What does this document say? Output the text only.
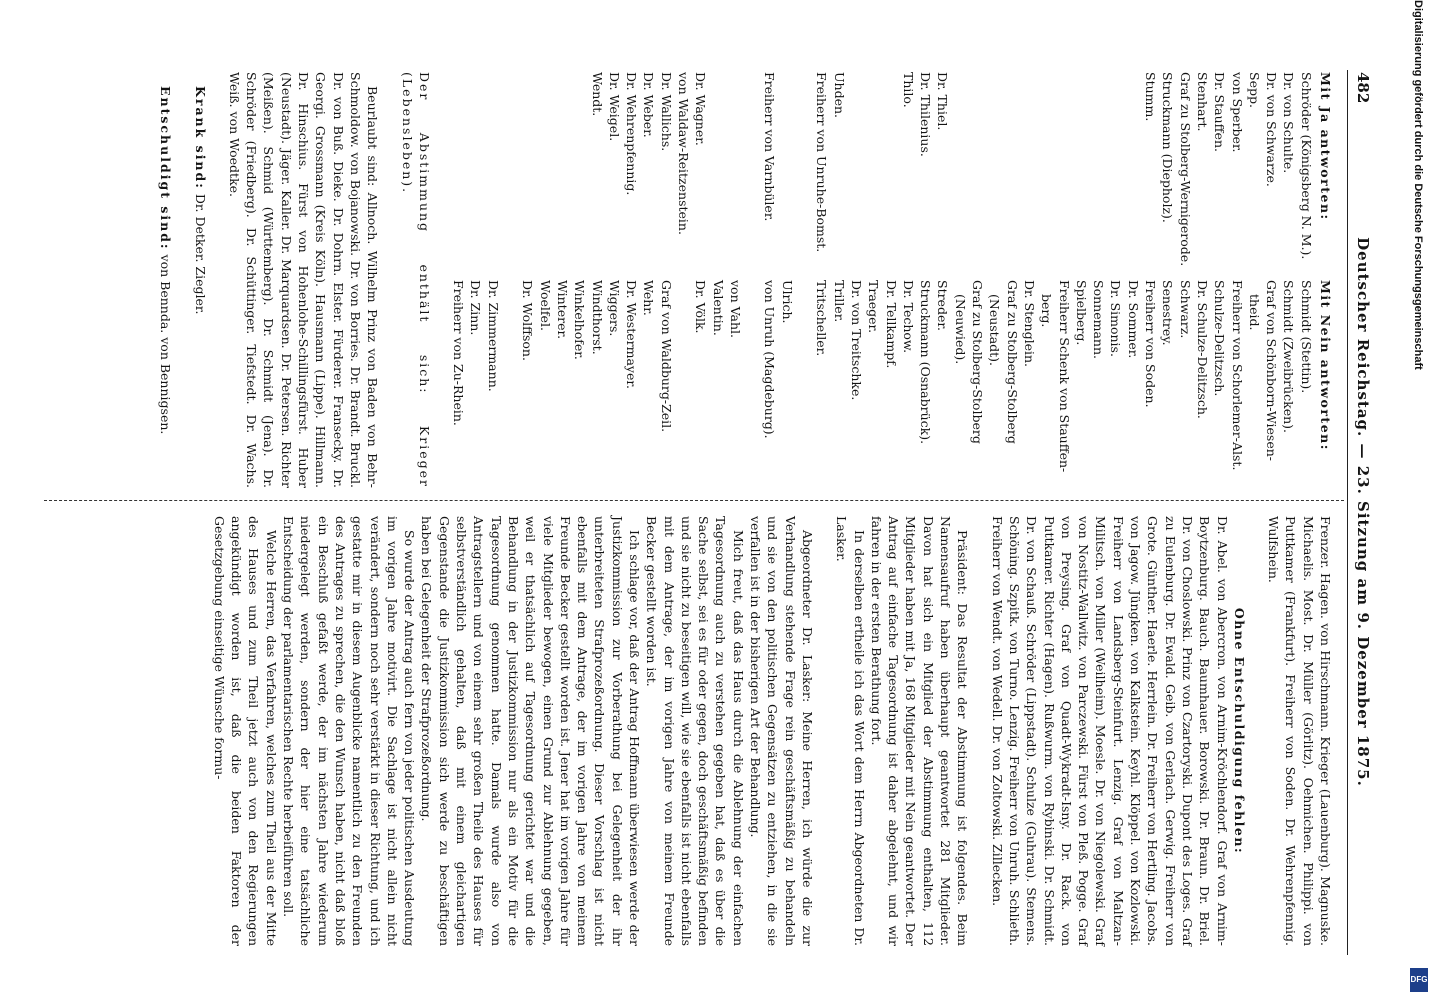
482
Deutscher Reichstag. — 23. Sitzung am 9. Dezember 1875.
Mit Ja antworten:
Mit Nein antworten:
Schröder (Königsberg N. M.).
Dr. von Schulte.
Dr. von Schwarze.
Sepp.
von Sperber.
Dr. Stauffen.
Stenhart.
Graf zu Stolberg-Wernigerode.
Struckmann (Diepholz).
Stumm.

Dr. Thiel.
Dr. Thilenius.
Thilo.

Uhden.
Freiherr von Unruhe-Bomst.

Freiherr von Varnbüler.

Dr. Wagner.
von Waldaw-Reitzenstein.
Dr. Wallichs.
Dr. Weber.
Dr. Wehrenpfennig.
Dr. Weigel.
Wendt.
Schmidt (Stettin).
Schmidt (Zweibrücken).
Graf von Schönborn-Wiesen-
theid.
Freiherr von Schorlemer-Alst.
Schulze-Delitzsch.
Dr. Schulze-Delitzsch.
Schwarz.
Senestrey.
Freiherr von Soden.
Dr. Sommer.
Dr. Simonis.
Sonnemann.
Spielberg.
Freiherr Schenk von Stauffen-
berg.
Dr. Stenglein.
Graf zu Stolberg-Stolberg
(Neustadt).
Graf zu Stolberg-Stolberg
(Neuwied).
Streder.
Struckmann (Osnabrück).
Dr. Techow.
Dr. Tellkampf.
Traeger.
Dr. von Treitschke.
Triller.
Tritscheller.

Ulrich.
von Unruh (Magdeburg).

von Vahl.
Valentin.
Dr. Völk.

Graf von Waldburg-Zeil.
Wehr.
Dr. Westermayer.
Wiggers.
Windthorst.
Winkelhofer.
Winterer.
Woelfel.
Dr. Wolffson.

Dr. Zimmermann.
Dr. Zinn.
Freiherr von Zu-Rhein.
Der Abstimmung enthält sich: Krieger (Lebensleben).
Beurlaubt sind: Allnoch. Wilhelm Prinz von Baden von Behr-Schmoldow. von Bojanowski. Dr. von Borries. Dr. Brandt. Bruckl. Dr. von Buß. Dieke. Dr. Dohrn. Elster. Fürderer. Fransecky. Dr. Georgi. Grossmann (Kreis Köln). Hausmann (Lippe). Hillmann. Dr. Hinschius. Fürst von Hohenlohe-Schillingsfürst. Huber (Neustadt). Jäger. Kaller. Dr. Marquardsen. Dr. Petersen. Richter (Meißen). Schmid (Württemberg). Dr. Schmidt (Jena). Dr. Schröder (Friedberg). Dr. Schüttinger. Tiefstedt. Dr. Wachs. Weiß. von Woedtke.
Krank sind: Dr. Detker. Ziegler.
Entschuldigt sind: von Bennda. von Bennigsen.
Frenzer. Hagen. von Hirschmann. Krieger (Lauenburg). Magnuske. Michaelis. Most. Dr. Müller (Görlitz). Oehmichen. Philippi. von Puttkamer (Frankfurt). Freiherr von Soden. Dr. Wehrenpfennig. Wulfshein.
Ohne Entschuldigung fehlen:
Dr. Abel. von Abercron. von Arnim-Kröchlendorf. Graf von Arnim-Boytzenburg. Bauch. Baumhauer. Borowski. Dr. Braun. Dr. Briel. Dr. von Choslowski. Prinz von Czartoryski. Dupont des Loges. Graf zu Eulenburg. Dr. Ewald. Geib. von Gerlach. Gerwig. Freiherr von Grote. Günther. Haerle. Herrlein. Dr. Freiherr von Hertling. Jacobs. von Jagow. Jüngken. von Kalkstein. Keyhl. Klöppel. von Kozlowski. Freiherr von Landsberg-Steinfurt. Lenzig. Graf von Maltzan-Militsch. von Miller (Weilheim). Moesle. Dr. von Niegolewski. Graf von Nostitz-Wallwitz. von Parczewski. Fürst von Pleß. Pogge. Graf von Preysing. Graf von Quadt-Wykradt-Isny. Dr. Rack. von Puttkamer. Richter (Hagen). Rußwurm. von Rybinski. Dr. Schmidt. Dr. von Schauß. Schröder (Lippstadt). Schulze (Guhrau). Stemens. Schöning. Szpitk. von Turno. Lenzig. Freiherr von Unruh. Schlieth. Freiherr von Wendt. von Wedell. Dr. von Zoltowski. Zillecken.
Präsident: Das Resultat der Abstimmung ist folgendes. Beim Namensaufruf haben überhaupt geantwortet 281 Mitglieder. Davon hat sich ein Mitglied der Abstimmung enthalten, 112 Mitglieder haben mit Ja, 168 Mitglieder mit Nein geantwortet. Der Antrag auf einfache Tagesordnung ist daher abgelehnt, und wir fahren in der ersten Berathung fort.
In derselben ertheile ich das Wort dem Herrn Abgeordneten Dr. Lasker.
Abgeordneter Dr. Lasker: Meine Herren, ich würde die zur Verhandlung stehende Frage rein geschäftsmäßig zu behandeln und sie von den politischen Gegensätzen zu entziehen, in die sie verfallen ist in der bisherigen Art der Behandlung.
Mich freut, daß das Haus durch die Ablehnung der einfachen Tagesordnung auch zu verstehen gegeben hat, daß es über die Sache selbst, sei es für oder gegen, doch geschäftsmäßig befinden und sie nicht zu beseitigen will, wie sie ebenfalls ist nicht ebenfalls mit dem Antrage, der im vorigen Jahre von meinem Freunde Becker gestellt worden ist.
Ich schlage vor, daß der Antrag Hoffmann überwiesen werde der Justizkommission zur Vorberathung bei Gelegenheit der ihr unterbreiteten Strafprozeßordnung. Dieser Vorschlag ist nicht ebenfalls mit dem Antrage, der im vorigen Jahre von meinem Freunde Becker gestellt worden ist. Jener hat im vorigen Jahre für viele Mitglieder bewogen, einen Grund zur Ablehnung gegeben, weil er thatsächlich auf Tagesordnung gerichtet war und die Behandlung in der Justizkommission nur als ein Motiv für die Tagesordnung genommen hatte. Damals wurde also von Antragstellern und von einem sehr großen Theile des Hauses für selbstverständlich gehalten, daß mit einem gleichartigen Gegenstande die Justizkommission sich werde zu beschäftigen haben bei Gelegenheit der Strafprozeßordnung.
So wurde der Antrag auch fern von jeder politischen Ausdeutung im vorigen Jahre motivirt. Die Sachlage ist nicht allein nicht verändert, sondern noch sehr verstärkt in dieser Richtung, und ich gestatte mir in diesem Augenblicke namentlich zu den Freunden des Antrages zu sprechen, die den Wunsch haben, nicht daß bloß ein Beschluß gefaßt werde, der im nächsten Jahre wiederum niedergelegt werden, sondern der hier eine tatsächliche Entscheidung der parlamentarischen Rechte herbeiführen soll.
Welche Herren, das Verfahren, welches zum Theil aus der Mitte des Hauses und zum Theil jetzt auch von den Regierungen angekündigt worden ist, daß die beiden Faktoren der Gesetzgebung einseitige Wünsche formu-
Digitalisierung gefördert durch die Deutsche Forschungsgemeinschaft
DFG
